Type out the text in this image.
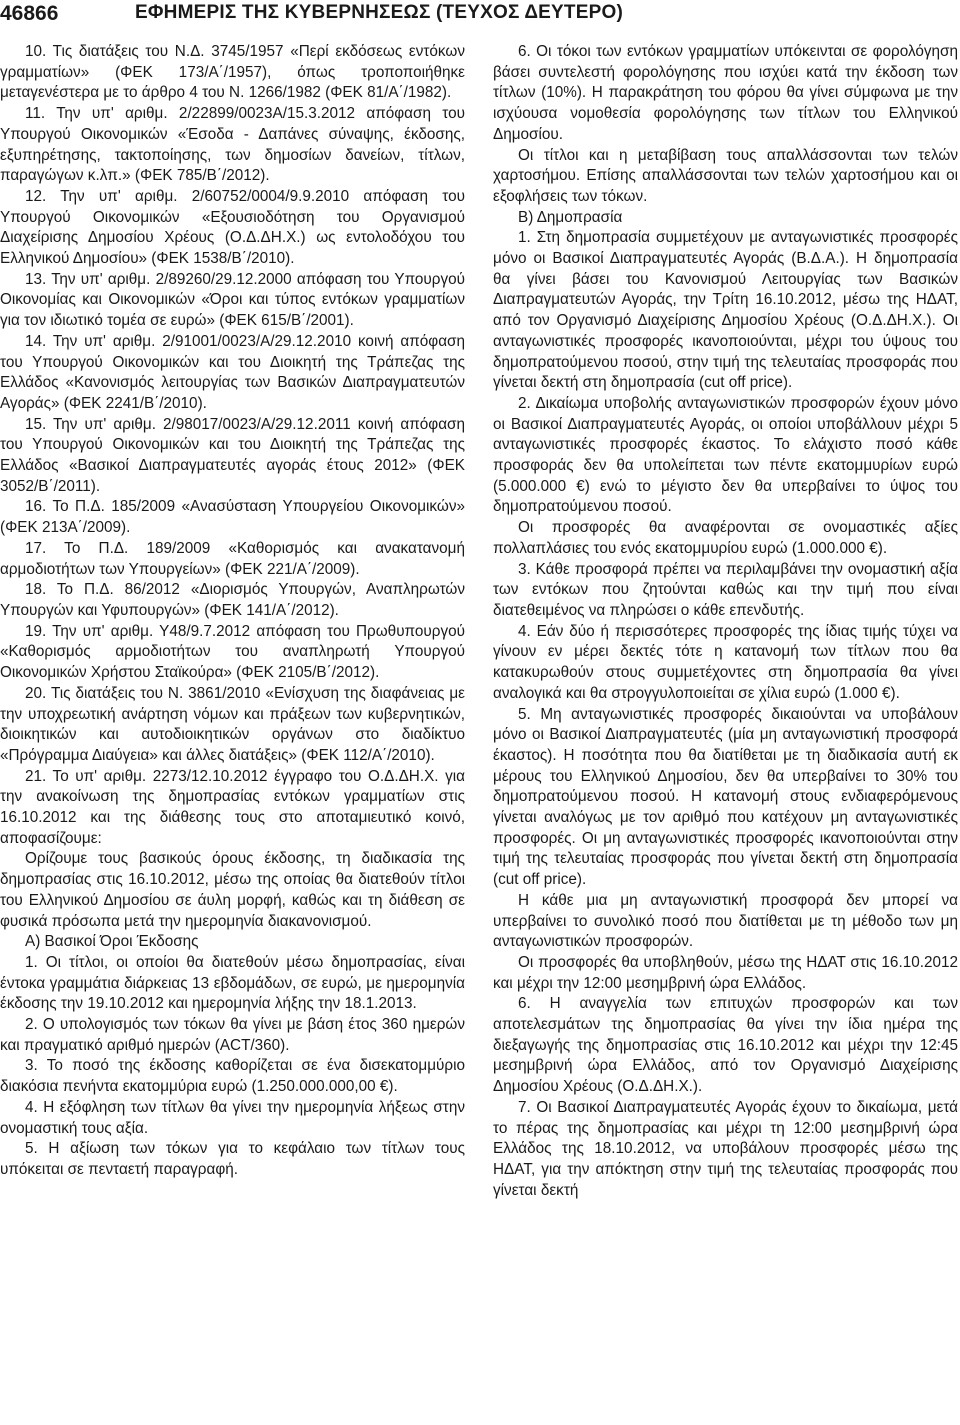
46866	ΕΦΗΜΕΡΙΣ ΤΗΣ ΚΥΒΕΡΝΗΣΕΩΣ (ΤΕΥΧΟΣ ΔΕΥΤΕΡΟ)

10. Τις διατάξεις του Ν.Δ. 3745/1957 «Περί εκδόσεως εντόκων γραμματίων» (ΦΕΚ 173/Α΄/1957), όπως τροποποιήθηκε μεταγενέστερα με το άρθρο 4 του Ν. 1266/1982 (ΦΕΚ 81/Α΄/1982).

11. Την υπ' αριθμ. 2/22899/0023Α/15.3.2012 απόφαση του Υπουργού Οικονομικών «Έσοδα - Δαπάνες σύναψης, έκδοσης, εξυπηρέτησης, τακτοποίησης, των δημοσίων δανείων, τίτλων, παραγώγων κ.λπ.» (ΦΕΚ 785/Β΄/2012).

12. Την υπ' αριθμ. 2/60752/0004/9.9.2010 απόφαση του Υπουργού Οικονομικών «Εξουσιοδότηση του Οργανισμού Διαχείρισης Δημοσίου Χρέους (Ο.Δ.ΔΗ.Χ.) ως εντολοδόχου του Ελληνικού Δημοσίου» (ΦΕΚ 1538/Β΄/2010).

13. Την υπ' αριθμ. 2/89260/29.12.2000 απόφαση του Υπουργού Οικονομίας και Οικονομικών «Όροι και τύπος εντόκων γραμματίων για τον ιδιωτικό τομέα σε ευρώ» (ΦΕΚ 615/Β΄/2001).

14. Την υπ' αριθμ. 2/91001/0023/Α/29.12.2010 κοινή απόφαση του Υπουργού Οικονομικών και του Διοικητή της Τράπεζας της Ελλάδος «Κανονισμός λειτουργίας των Βασικών Διαπραγματευτών Αγοράς» (ΦΕΚ 2241/Β΄/2010).

15. Την υπ' αριθμ. 2/98017/0023/Α/29.12.2011 κοινή απόφαση του Υπουργού Οικονομικών και του Διοικητή της Τράπεζας της Ελλάδος «Βασικοί Διαπραγματευτές αγοράς έτους 2012» (ΦΕΚ 3052/Β΄/2011).

16. Το Π.Δ. 185/2009 «Ανασύσταση Υπουργείου Οικονομικών» (ΦΕΚ 213Α΄/2009).

17. Το Π.Δ. 189/2009 «Καθορισμός και ανακατανομή αρμοδιοτήτων των Υπουργείων» (ΦΕΚ 221/Α΄/2009).

18. Το Π.Δ. 86/2012 «Διορισμός Υπουργών, Αναπληρωτών Υπουργών και Υφυπουργών» (ΦΕΚ 141/Α΄/2012).

19. Την υπ' αριθμ. Υ48/9.7.2012 απόφαση του Πρωθυπουργού «Καθορισμός αρμοδιοτήτων του αναπληρωτή Υπουργού Οικονομικών Χρήστου Σταϊκούρα» (ΦΕΚ 2105/Β΄/2012).

20. Τις διατάξεις του Ν. 3861/2010 «Ενίσχυση της διαφάνειας με την υποχρεωτική ανάρτηση νόμων και πράξεων των κυβερνητικών, διοικητικών και αυτοδιοικητικών οργάνων στο διαδίκτυο «Πρόγραμμα Διαύγεια» και άλλες διατάξεις» (ΦΕΚ 112/Α΄/2010).

21. Το υπ' αριθμ. 2273/12.10.2012 έγγραφο του Ο.Δ.ΔΗ.Χ. για την ανακοίνωση της δημοπρασίας εντόκων γραμματίων στις 16.10.2012 και της διάθεσης τους στο αποταμιευτικό κοινό, αποφασίζουμε:

Ορίζουμε τους βασικούς όρους έκδοσης, τη διαδικασία της δημοπρασίας στις 16.10.2012, μέσω της οποίας θα διατεθούν τίτλοι του Ελληνικού Δημοσίου σε άυλη μορφή, καθώς και τη διάθεση σε φυσικά πρόσωπα μετά την ημερομηνία διακανονισμού.

Α) Βασικοί Όροι Έκδοσης

1. Οι τίτλοι, οι οποίοι θα διατεθούν μέσω δημοπρασίας, είναι έντοκα γραμμάτια διάρκειας 13 εβδομάδων, σε ευρώ, με ημερομηνία έκδοσης την 19.10.2012 και ημερομηνία λήξης την 18.1.2013.

2. Ο υπολογισμός των τόκων θα γίνει με βάση έτος 360 ημερών και πραγματικό αριθμό ημερών (ACT/360).

3. Το ποσό της έκδοσης καθορίζεται σε ένα δισεκατομμύριο διακόσια πενήντα εκατομμύρια ευρώ (1.250.000.000,00 €).

4. Η εξόφληση των τίτλων θα γίνει την ημερομηνία λήξεως στην ονομαστική τους αξία.

5. Η αξίωση των τόκων για το κεφάλαιο των τίτλων τους υπόκειται σε πενταετή παραγραφή.

6. Οι τόκοι των εντόκων γραμματίων υπόκεινται σε φορολόγηση βάσει συντελεστή φορολόγησης που ισχύει κατά την έκδοση των τίτλων (10%). Η παρακράτηση του φόρου θα γίνει σύμφωνα με την ισχύουσα νομοθεσία φορολόγησης των τίτλων του Ελληνικού Δημοσίου.

Οι τίτλοι και η μεταβίβαση τους απαλλάσσονται των τελών χαρτοσήμου. Επίσης απαλλάσσονται των τελών χαρτοσήμου και οι εξοφλήσεις των τόκων.

Β) Δημοπρασία

1. Στη δημοπρασία συμμετέχουν με ανταγωνιστικές προσφορές μόνο οι Βασικοί Διαπραγματευτές Αγοράς (Β.Δ.Α.). Η δημοπρασία θα γίνει βάσει του Κανονισμού Λειτουργίας των Βασικών Διαπραγματευτών Αγοράς, την Τρίτη 16.10.2012, μέσω της ΗΔΑΤ, από τον Οργανισμό Διαχείρισης Δημοσίου Χρέους (Ο.Δ.ΔΗ.Χ.). Οι ανταγωνιστικές προσφορές ικανοποιούνται, μέχρι του ύψους του δημοπρατούμενου ποσού, στην τιμή της τελευταίας προσφοράς που γίνεται δεκτή στη δημοπρασία (cut off price).

2. Δικαίωμα υποβολής ανταγωνιστικών προσφορών έχουν μόνο οι Βασικοί Διαπραγματευτές Αγοράς, οι οποίοι υποβάλλουν μέχρι 5 ανταγωνιστικές προσφορές έκαστος. Το ελάχιστο ποσό κάθε προσφοράς δεν θα υπολείπεται των πέντε εκατομμυρίων ευρώ (5.000.000 €) ενώ το μέγιστο δεν θα υπερβαίνει το ύψος του δημοπρατούμενου ποσού.

Οι προσφορές θα αναφέρονται σε ονομαστικές αξίες πολλαπλάσιες του ενός εκατομμυρίου ευρώ (1.000.000 €).

3. Κάθε προσφορά πρέπει να περιλαμβάνει την ονομαστική αξία των εντόκων που ζητούνται καθώς και την τιμή που είναι διατεθειμένος να πληρώσει ο κάθε επενδυτής.

4. Εάν δύο ή περισσότερες προσφορές της ίδιας τιμής τύχει να γίνουν εν μέρει δεκτές τότε η κατανομή των τίτλων που θα κατακυρωθούν στους συμμετέχοντες στη δημοπρασία θα γίνει αναλογικά και θα στρογγυλοποιείται σε χίλια ευρώ (1.000 €).

5. Μη ανταγωνιστικές προσφορές δικαιούνται να υποβάλουν μόνο οι Βασικοί Διαπραγματευτές (μία μη ανταγωνιστική προσφορά έκαστος). Η ποσότητα που θα διατίθεται με τη διαδικασία αυτή εκ μέρους του Ελληνικού Δημοσίου, δεν θα υπερβαίνει το 30% του δημοπρατούμενου ποσού. Η κατανομή στους ενδιαφερόμενους γίνεται αναλόγως με τον αριθμό που κατέχουν μη ανταγωνιστικές προσφορές. Οι μη ανταγωνιστικές προσφορές ικανοποιούνται στην τιμή της τελευταίας προσφοράς που γίνεται δεκτή στη δημοπρασία (cut off price).

Η κάθε μια μη ανταγωνιστική προσφορά δεν μπορεί να υπερβαίνει το συνολικό ποσό που διατίθεται με τη μέθοδο των μη ανταγωνιστικών προσφορών.

Οι προσφορές θα υποβληθούν, μέσω της ΗΔΑΤ στις 16.10.2012 και μέχρι την 12:00 μεσημβρινή ώρα Ελλάδος.

6. Η αναγγελία των επιτυχών προσφορών και των αποτελεσμάτων της δημοπρασίας θα γίνει την ίδια ημέρα της διεξαγωγής της δημοπρασίας στις 16.10.2012 και μέχρι την 12:45 μεσημβρινή ώρα Ελλάδος, από τον Οργανισμό Διαχείρισης Δημοσίου Χρέους (Ο.Δ.ΔΗ.Χ.).

7. Οι Βασικοί Διαπραγματευτές Αγοράς έχουν το δικαίωμα, μετά το πέρας της δημοπρασίας και μέχρι τη 12:00 μεσημβρινή ώρα Ελλάδος της 18.10.2012, να υποβάλουν προσφορές μέσω της ΗΔΑΤ, για την απόκτηση στην τιμή της τελευταίας προσφοράς που γίνεται δεκτή
